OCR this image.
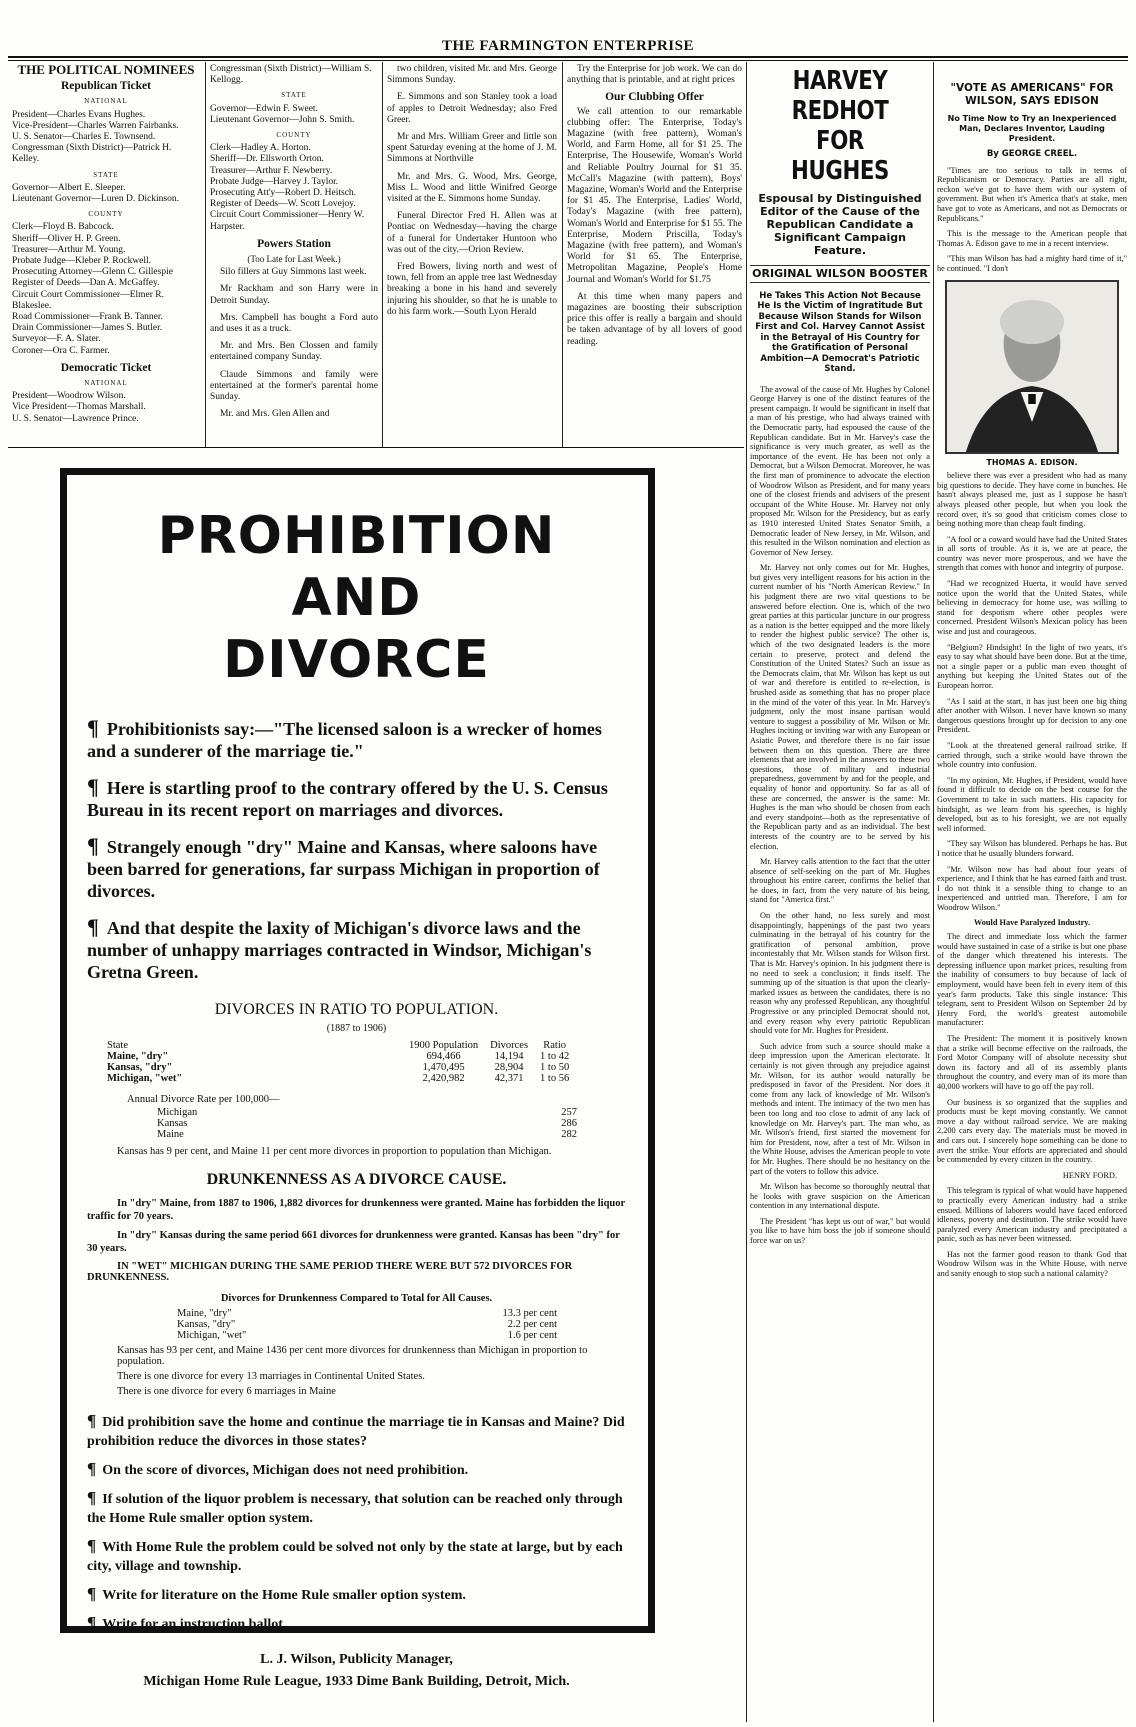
THE FARMINGTON ENTERPRISE
THE POLITICAL NOMINEES
Republican Ticket
NATIONAL
President—Charles Evans Hughes.
Vice-President—Charles Warren Fairbanks.
U. S. Senator—Charles E. Townsend.
Congressman (Sixth District)—Patrick H. Kelley.
STATE
Governor—Albert E. Sleeper.
Lieutenant Governor—Luren D. Dickinson.
COUNTY
Clerk—Floyd B. Babcock.
Sheriff—Oliver H. P. Green.
Treasurer—Arthur M. Young.
Probate Judge—Kleber P. Rockwell.
Prosecuting Attorney—Glenn C. Gillespie
Register of Deeds—Dan A. McGaffey.
Circuit Court Commissioner—Elmer R. Blakeslee.
Road Commissioner—Frank B. Tanner.
Drain Commissioner—James S. Butler.
Surveyor—F. A. Slater.
Coroner—Ora C. Farmer.
Democratic Ticket
NATIONAL
President—Woodrow Wilson.
Vice President—Thomas Marshall.
U. S. Senator—Lawrence Prince.
Congressman (Sixth District)—William S. Kellogg.
STATE
Governor—Edwin F. Sweet.
Lieutenant Governor—John S. Smith.
COUNTY
Clerk—Hadley A. Horton.
Sheriff—Dr. Ellsworth Orton.
Treasurer—Arthur F. Newberry.
Probate Judge—Harvey J. Taylor.
Prosecuting Att'y—Robert D. Heitsch.
Register of Deeds—W. Scott Lovejoy.
Circuit Court Commissioner—Henry W. Harpster.
Powers Station
(Too Late for Last Week.)

Silo fillers at Guy Simmons last week.

Mr Rackham and son Harry were in Detroit Sunday.

Mrs. Campbell has bought a Ford auto and uses it as a truck.

Mr. and Mrs. Ben Clossen and family entertained company Sunday.

Claude Simmons and family were entertained at the former's parental home Sunday.

Mr. and Mrs. Glen Allen and

two children, visited Mr. and Mrs. George Simmons Sunday.

E. Simmons and son Stanley took a load of apples to Detroit Wednesday; also Fred Greer.

Mr and Mrs. William Greer and little son spent Saturday evening at the home of J. M. Simmons at Northville

Mr. and Mrs. G. Wood, Mrs. George, Miss L. Wood and little Winifred George visited at the E. Simmons home Sunday.

Funeral Director Fred H. Allen was at Pontiac on Wednesday—having the charge of a funeral for Undertaker Huntoon who was out of the city.—Orion Review.

Fred Bowers, living north and west of town, fell from an apple tree last Wednesday breaking a bone in his hand and severely injuring his shoulder, so that he is unable to do his farm work.—South Lyon Herald

Try the Enterprise for job work. We can do anything that is printable, and at right prices

Our Clubbing Offer

We call attention to our remarkable clubbing offer: The Enterprise, Today's Magazine (with free pattern), Woman's World, and Farm Home, all for $1 25. The Enterprise, The Housewife, Woman's World and Reliable Poultry Journal for $1 35. McCall's Magazine (with pattern), Boys' Magazine, Woman's World and the Enterprise for $1 45. The Enterprise, Ladies' World, Today's Magazine (with free pattern), Woman's World and Enterprise for $1 55. The Enterprise, Modern Priscilla, Today's Magazine (with free pattern), and Woman's World for $1 65. The Enterprise, Metropolitan Magazine, People's Home Journal and Woman's World for $1.75

At this time when many papers and magazines are boosting their subscription price this offer is really a bargain and should be taken advantage of by all lovers of good reading.

HARVEY REDHOT FOR HUGHES
Espousal by Distinguished Editor of the Cause of the Republican Candidate a Significant Campaign Feature.
ORIGINAL WILSON BOOSTER
He Takes This Action Not Because He Is the Victim of Ingratitude But Because Wilson Stands for Wilson First and Col. Harvey Cannot Assist in the Betrayal of His Country for the Gratification of Personal Ambition—A Democrat's Patriotic Stand.

The avowal of the cause of Mr. Hughes by Colonel George Harvey is one of the distinct features of the present campaign. It would be significant in itself that a man of his prestige, who had always trained with the Democratic party, had espoused the cause of the Republican candidate. But in Mr. Harvey's case the significance is very much greater, as well as the importance of the event. He has been not only a Democrat, but a Wilson Democrat. Moreover, he was the first man of prominence to advocate the election of Woodrow Wilson as President, and for many years one of the closest friends and advisers of the present occupant of the White House. Mr. Harvey not only proposed Mr. Wilson for the Presidency, but as early as 1910 interested United States Senator Smith, a Democratic leader of New Jersey, in Mr. Wilson, and this resulted in the Wilson nomination and election as Governor of New Jersey.

Mr. Harvey not only comes out for Mr. Hughes, but gives very intelligent reasons for his action in the current number of his "North American Review." In his judgment there are two vital questions to be answered before election. One is, which of the two great parties at this particular juncture in our progress as a nation is the better equipped and the more likely to render the highest public service? The other is, which of the two designated leaders is the more certain to preserve, protect and defend the Constitution of the United States? Such an issue as the Democrats claim, that Mr. Wilson has kept us out of war and therefore is entitled to re-election, is brushed aside as something that has no proper place in the mind of the voter of this year. In Mr. Harvey's judgment, only the most insane partisan would venture to suggest a possibility of Mr. Wilson or Mr. Hughes inciting or inviting war with any European or Asiatic Power, and therefore there is no fair issue between them on this question. There are three elements that are involved in the answers to these two questions, those of military and industrial preparedness, government by and for the people, and equality of honor and opportunity. So far as all of these are concerned, the answer is the same: Mr. Hughes is the man who should be chosen from each and every standpoint—both as the representative of the Republican party and as an individual. The best interests of the country are to be served by his election.

Mr. Harvey calls attention to the fact that the utter absence of self-seeking on the part of Mr. Hughes throughout his entire career, confirms the belief that he does, in fact, from the very nature of his being, stand for "America first."

On the other hand, no less surely and most disappointingly, happenings of the past two years culminating in the betrayal of his country for the gratification of personal ambition, prove incontestably that Mr. Wilson stands for Wilson first. That is Mr. Harvey's opinion. In his judgment there is no need to seek a conclusion; it finds itself. The summing up of the situation is that upon the clearly-marked issues as between the candidates, there is no reason why any professed Republican, any thoughtful Progressive or any principled Democrat should not, and every reason why every patriotic Republican should vote for Mr. Hughes for President.

Such advice from such a source should make a deep impression upon the American electorate. It certainly is not given through any prejudice against Mr. Wilson, for its author would naturally be predisposed in favor of the President. Nor does it come from any lack of knowledge of Mr. Wilson's methods and intent. The intimacy of the two men has been too long and too close to admit of any lack of knowledge on Mr. Harvey's part. The man who, as Mr. Wilson's friend, first started the movement for him for President, now, after a test of Mr. Wilson in the White House, advises the American people to vote for Mr. Hughes. There should be no hesitancy on the part of the voters to follow this advice.

Mr. Wilson has become so thoroughly neutral that he looks with grave suspicion on the American contention in any international dispute.

The President "has kept us out of war," but would you like to have him boss the job if someone should force war on us?

"VOTE AS AMERICANS" FOR WILSON, SAYS EDISON
No Time Now to Try an Inexperienced Man, Declares Inventor, Lauding President.
By GEORGE CREEL.

"Times are too serious to talk in terms of Republicanism or Democracy. Parties are all right, reckon we've got to have them with our system of government. But when it's America that's at stake, men have got to vote as Americans, and not as Democrats or Republicans."

This is the message to the American people that Thomas A. Edison gave to me in a recent interview.

"This man Wilson has had a mighty hard time of it," he continued. "I don't

THOMAS A. EDISON.

believe there was ever a president who had as many big questions to decide. They have come in bunches. He hasn't always pleased me, just as I suppose he hasn't always pleased other people, but when you look the record over, it's so good that criticism comes close to being nothing more than cheap fault finding.

"A fool or a coward would have had the United States in all sorts of trouble. As it is, we are at peace, the country was never more prosperous, and we have the strength that comes with honor and integrity of purpose.

"Had we recognized Huerta, it would have served notice upon the world that the United States, while believing in democracy for home use, was willing to stand for despotism where other peoples were concerned. President Wilson's Mexican policy has been wise and just and courageous.

"Belgium? Hindsight! In the light of two years, it's easy to say what should have been done. But at the time, not a single paper or a public man even thought of anything but keeping the United States out of the European horror.

"As I said at the start, it has just been one big thing after another with Wilson. I never have known so many dangerous questions brought up for decision to any one President.

"Look at the threatened general railroad strike. If carried through, such a strike would have thrown the whole country into confusion.

"In my opinion, Mr. Hughes, if President, would have found it difficult to decide on the best course for the Government to take in such matters. His capacity for hindsight, as we learn from his speeches, is highly developed, but as to his foresight, we are not equally well informed.

"They say Wilson has blundered. Perhaps he has. But I notice that he usually blunders forward.

"Mr. Wilson now has had about four years of experience, and I think that he has earned faith and trust. I do not think it a sensible thing to change to an inexperienced and untried man. Therefore, I am for Woodrow Wilson."

Would Have Paralyzed Industry.

The direct and immediate loss which the farmer would have sustained in case of a strike is but one phase of the danger which threatened his interests. The depressing influence upon market prices, resulting from the inability of consumers to buy because of lack of employment, would have been felt in every item of this year's farm products. Take this single instance: This telegram, sent to President Wilson on September 2d by Henry Ford, the world's greatest automobile manufacturer:

The President: The moment it is positively known that a strike will become effective on the railroads, the Ford Motor Company will of absolute necessity shut down its factory and all of its assembly plants throughout the country, and every man of its more than 40,000 workers will have to go off the pay roll.

Our business is so organized that the supplies and products must be kept moving constantly. We cannot move a day without railroad service. We are making 2,200 cars every day. The materials must be moved in and cars out. I sincerely hope something can be done to avert the strike. Your efforts are appreciated and should be commended by every citizen in the country.

HENRY FORD.

This telegram is typical of what would have happened to practically every American industry had a strike ensued. Millions of laborers would have faced enforced idleness, poverty and destitution. The strike would have paralyzed every American industry and precipitated a panic, such as has never been witnessed.

Has not the farmer good reason to thank God that Woodrow Wilson was in the White House, with nerve and sanity enough to stop such a national calamity?

PROHIBITION AND
DIVORCE
¶ Prohibitionists say:—"The licensed saloon is a wrecker of homes and a sunderer of the marriage tie."
¶ Here is startling proof to the contrary offered by the U. S. Census Bureau in its recent report on marriages and divorces.
¶ Strangely enough "dry" Maine and Kansas, where saloons have been barred for generations, far surpass Michigan in proportion of divorces.
¶ And that despite the laxity of Michigan's divorce laws and the number of unhappy marriages contracted in Windsor, Michigan's Gretna Green.
DIVORCES IN RATIO TO POPULATION.
(1887 to 1906)
State	1900 Population	Divorces	Ratio
Maine, "dry"	694,466	14,194	1 to 42
Kansas, "dry"	1,470,495	28,904	1 to 50
Michigan, "wet"	2,420,982	42,371	1 to 56
Annual Divorce Rate per 100,000—
Michigan	257
Kansas	286
Maine	282
Kansas has 9 per cent, and Maine 11 per cent more divorces in proportion to population than Michigan.
DRUNKENNESS AS A DIVORCE CAUSE.
In "dry" Maine, from 1887 to 1906, 1,882 divorces for drunkenness were granted. Maine has forbidden the liquor traffic for 70 years.
In "dry" Kansas during the same period 661 divorces for drunkenness were granted. Kansas has been "dry" for 30 years.
IN "WET" MICHIGAN DURING THE SAME PERIOD THERE WERE BUT 572 DIVORCES FOR DRUNKENNESS.
Divorces for Drunkenness Compared to Total for All Causes.
Maine, "dry"	13.3 per cent
Kansas, "dry"	2.2 per cent
Michigan, "wet"	1.6 per cent
Kansas has 93 per cent, and Maine 1436 per cent more divorces for drunkenness than Michigan in proportion to population.
There is one divorce for every 13 marriages in Continental United States.
There is one divorce for every 6 marriages in Maine
¶ Did prohibition save the home and continue the marriage tie in Kansas and Maine? Did prohibition reduce the divorces in those states?
¶ On the score of divorces, Michigan does not need prohibition.
¶ If solution of the liquor problem is necessary, that solution can be reached only through the Home Rule smaller option system.
¶ With Home Rule the problem could be solved not only by the state at large, but by each city, village and township.
¶ Write for literature on the Home Rule smaller option system.
¶ Write for an instruction ballot.
L. J. Wilson, Publicity Manager,
Michigan Home Rule League, 1933 Dime Bank Building, Detroit, Mich.
